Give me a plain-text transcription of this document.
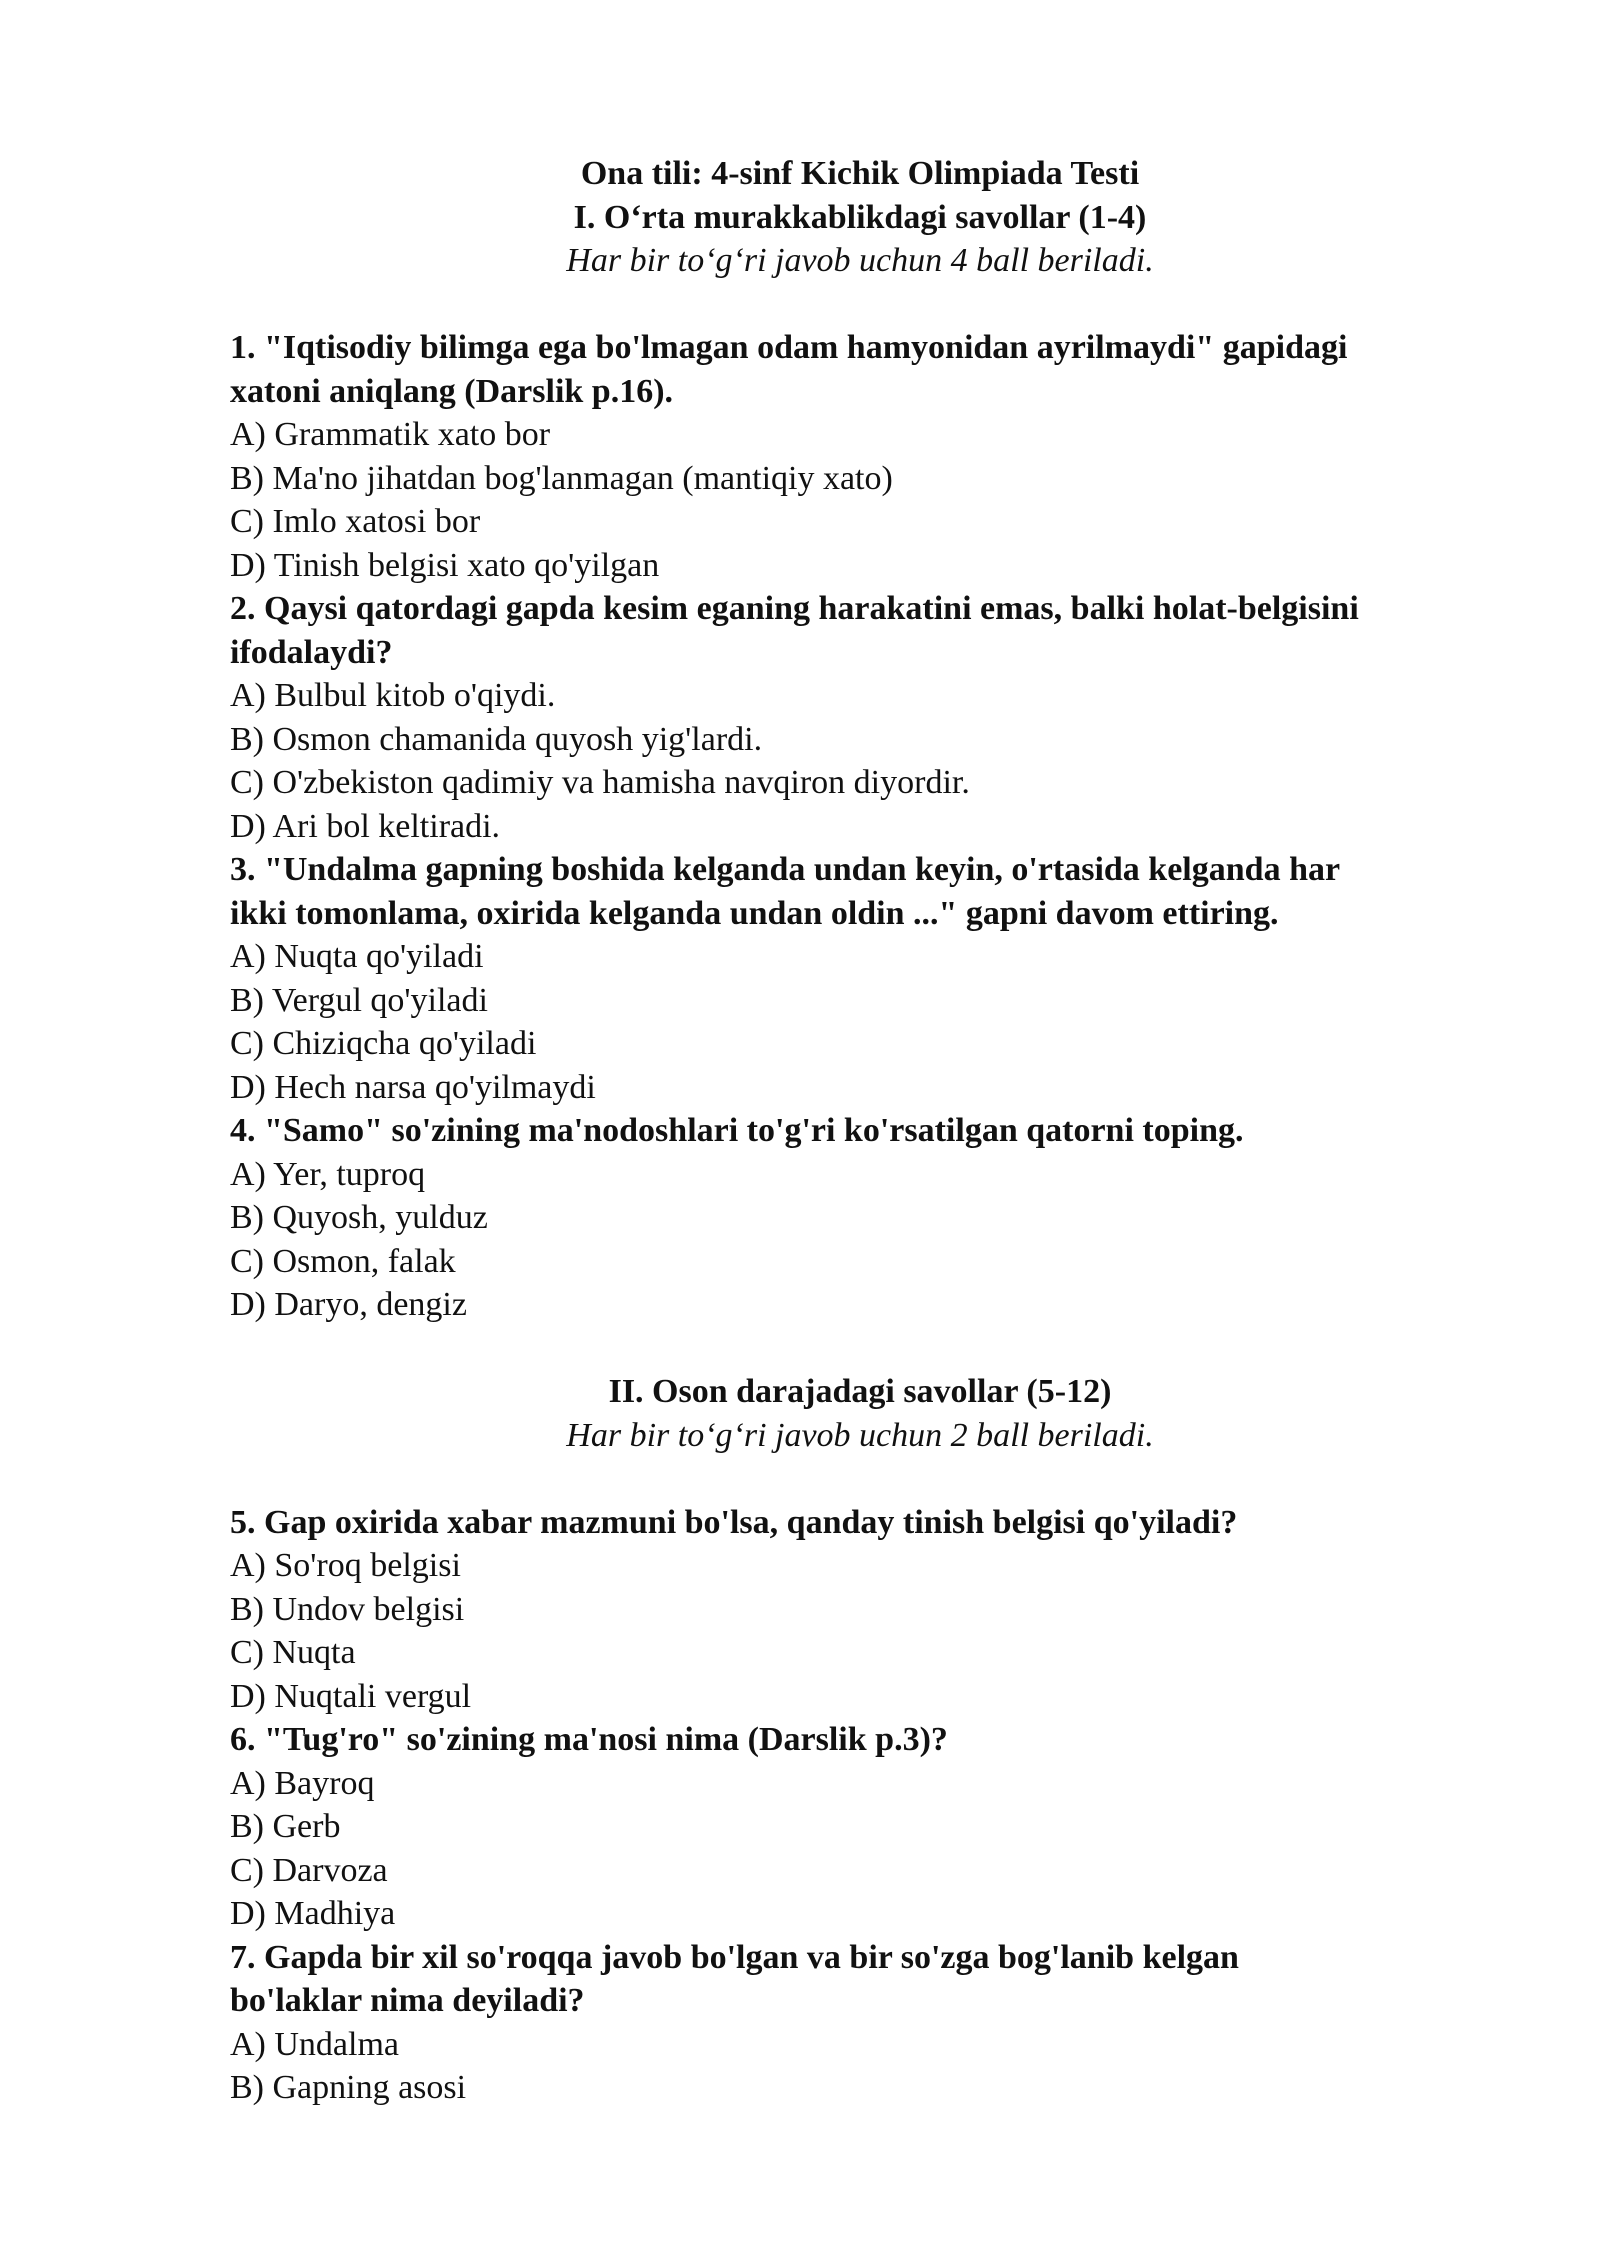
Ona tili: 4-sinf Kichik Olimpiada Testi
I. O‘rta murakkablikdagi savollar (1-4)
Har bir to‘g‘ri javob uchun 4 ball beriladi.
1. "Iqtisodiy bilimga ega bo'lmagan odam hamyonidan ayrilmaydi" gapidagi
xatoni aniqlang (Darslik p.16).
A) Grammatik xato bor
B) Ma'no jihatdan bog'lanmagan (mantiqiy xato)
C) Imlo xatosi bor
D) Tinish belgisi xato qo'yilgan
2. Qaysi qatordagi gapda kesim eganing harakatini emas, balki holat-belgisini
ifodalaydi?
A) Bulbul kitob o'qiydi.
B) Osmon chamanida quyosh yig'lardi.
C) O'zbekiston qadimiy va hamisha navqiron diyordir.
D) Ari bol keltiradi.
3. "Undalma gapning boshida kelganda undan keyin, o'rtasida kelganda har
ikki tomonlama, oxirida kelganda undan oldin ..." gapni davom ettiring.
A) Nuqta qo'yiladi
B) Vergul qo'yiladi
C) Chiziqcha qo'yiladi
D) Hech narsa qo'yilmaydi
4. "Samo" so'zining ma'nodoshlari to'g'ri ko'rsatilgan qatorni toping.
A) Yer, tuproq
B) Quyosh, yulduz
C) Osmon, falak
D) Daryo, dengiz
II. Oson darajadagi savollar (5-12)
Har bir to‘g‘ri javob uchun 2 ball beriladi.
5. Gap oxirida xabar mazmuni bo'lsa, qanday tinish belgisi qo'yiladi?
A) So'roq belgisi
B) Undov belgisi
C) Nuqta
D) Nuqtali vergul
6. "Tug'ro" so'zining ma'nosi nima (Darslik p.3)?
A) Bayroq
B) Gerb
C) Darvoza
D) Madhiya
7. Gapda bir xil so'roqqa javob bo'lgan va bir so'zga bog'lanib kelgan
bo'laklar nima deyiladi?
A) Undalma
B) Gapning asosi
